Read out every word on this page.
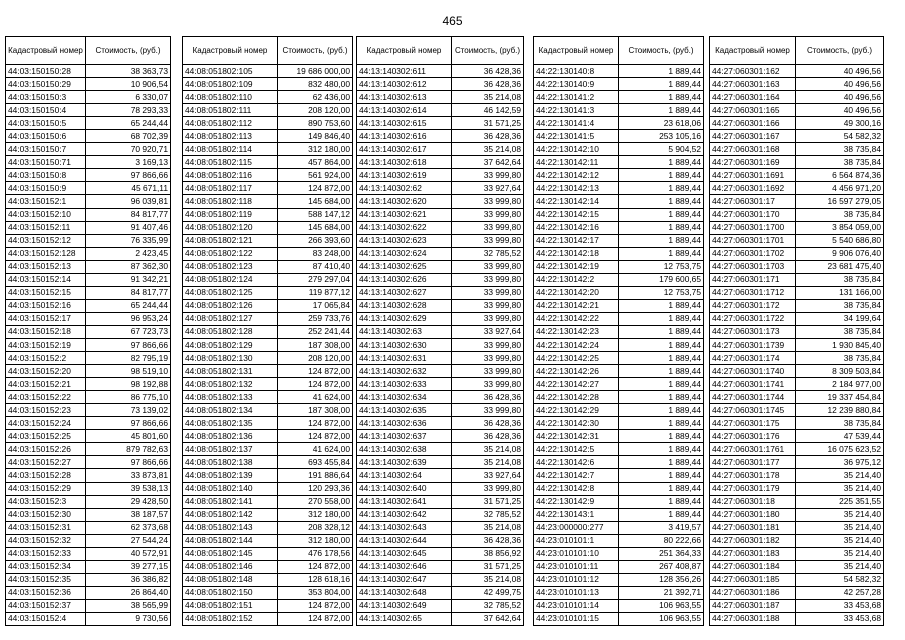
465
Кадастровый номер	Стоимость, (руб.)
44:03:150150:28	38 363,73
44:03:150150:29	10 906,54
44:03:150150:3	6 330,07
44:03:150150:4	78 293,33
44:03:150150:5	65 244,44
44:03:150150:6	68 702,39
44:03:150150:7	70 920,71
44:03:150150:71	3 169,13
44:03:150150:8	97 866,66
44:03:150150:9	45 671,11
44:03:150152:1	96 039,81
44:03:150152:10	84 817,77
44:03:150152:11	91 407,46
44:03:150152:12	76 335,99
44:03:150152:128	2 423,45
44:03:150152:13	87 362,30
44:03:150152:14	91 342,21
44:03:150152:15	84 817,77
44:03:150152:16	65 244,44
44:03:150152:17	96 953,24
44:03:150152:18	67 723,73
44:03:150152:19	97 866,66
44:03:150152:2	82 795,19
44:03:150152:20	98 519,10
44:03:150152:21	98 192,88
44:03:150152:22	86 775,10
44:03:150152:23	73 139,02
44:03:150152:24	97 866,66
44:03:150152:25	45 801,60
44:03:150152:26	879 782,63
44:03:150152:27	97 866,66
44:03:150152:28	33 873,81
44:03:150152:29	39 538,13
44:03:150152:3	29 428,50
44:03:150152:30	38 187,57
44:03:150152:31	62 373,68
44:03:150152:32	27 544,24
44:03:150152:33	40 572,91
44:03:150152:34	39 277,15
44:03:150152:35	36 386,82
44:03:150152:36	26 864,40
44:03:150152:37	38 565,99
44:03:150152:4	9 730,56
Кадастровый номер	Стоимость, (руб.)
44:08:051802:105	19 686 000,00
44:08:051802:109	832 480,00
44:08:051802:110	62 436,00
44:08:051802:111	208 120,00
44:08:051802:112	890 753,60
44:08:051802:113	149 846,40
44:08:051802:114	312 180,00
44:08:051802:115	457 864,00
44:08:051802:116	561 924,00
44:08:051802:117	124 872,00
44:08:051802:118	145 684,00
44:08:051802:119	588 147,12
44:08:051802:120	145 684,00
44:08:051802:121	266 393,60
44:08:051802:122	83 248,00
44:08:051802:123	87 410,40
44:08:051802:124	279 297,04
44:08:051802:125	119 877,12
44:08:051802:126	17 065,84
44:08:051802:127	259 733,76
44:08:051802:128	252 241,44
44:08:051802:129	187 308,00
44:08:051802:130	208 120,00
44:08:051802:131	124 872,00
44:08:051802:132	124 872,00
44:08:051802:133	41 624,00
44:08:051802:134	187 308,00
44:08:051802:135	124 872,00
44:08:051802:136	124 872,00
44:08:051802:137	41 624,00
44:08:051802:138	693 455,84
44:08:051802:139	191 886,64
44:08:051802:140	120 293,36
44:08:051802:141	270 558,00
44:08:051802:142	312 180,00
44:08:051802:143	208 328,12
44:08:051802:144	312 180,00
44:08:051802:145	476 178,56
44:08:051802:146	124 872,00
44:08:051802:148	128 618,16
44:08:051802:150	353 804,00
44:08:051802:151	124 872,00
44:08:051802:152	124 872,00
Кадастровый номер	Стоимость, (руб.)
44:13:140302:611	36 428,36
44:13:140302:612	36 428,36
44:13:140302:613	35 214,08
44:13:140302:614	46 142,59
44:13:140302:615	31 571,25
44:13:140302:616	36 428,36
44:13:140302:617	35 214,08
44:13:140302:618	37 642,64
44:13:140302:619	33 999,80
44:13:140302:62	33 927,64
44:13:140302:620	33 999,80
44:13:140302:621	33 999,80
44:13:140302:622	33 999,80
44:13:140302:623	33 999,80
44:13:140302:624	32 785,52
44:13:140302:625	33 999,80
44:13:140302:626	33 999,80
44:13:140302:627	33 999,80
44:13:140302:628	33 999,80
44:13:140302:629	33 999,80
44:13:140302:63	33 927,64
44:13:140302:630	33 999,80
44:13:140302:631	33 999,80
44:13:140302:632	33 999,80
44:13:140302:633	33 999,80
44:13:140302:634	36 428,36
44:13:140302:635	33 999,80
44:13:140302:636	36 428,36
44:13:140302:637	36 428,36
44:13:140302:638	35 214,08
44:13:140302:639	35 214,08
44:13:140302:64	33 927,64
44:13:140302:640	33 999,80
44:13:140302:641	31 571,25
44:13:140302:642	32 785,52
44:13:140302:643	35 214,08
44:13:140302:644	36 428,36
44:13:140302:645	38 856,92
44:13:140302:646	31 571,25
44:13:140302:647	35 214,08
44:13:140302:648	42 499,75
44:13:140302:649	32 785,52
44:13:140302:65	37 642,64
Кадастровый номер	Стоимость, (руб.)
44:22:130140:8	1 889,44
44:22:130140:9	1 889,44
44:22:130141:2	1 889,44
44:22:130141:3	1 889,44
44:22:130141:4	23 618,06
44:22:130141:5	253 105,16
44:22:130142:10	5 904,52
44:22:130142:11	1 889,44
44:22:130142:12	1 889,44
44:22:130142:13	1 889,44
44:22:130142:14	1 889,44
44:22:130142:15	1 889,44
44:22:130142:16	1 889,44
44:22:130142:17	1 889,44
44:22:130142:18	1 889,44
44:22:130142:19	12 753,75
44:22:130142:2	179 600,65
44:22:130142:20	12 753,75
44:22:130142:21	1 889,44
44:22:130142:22	1 889,44
44:22:130142:23	1 889,44
44:22:130142:24	1 889,44
44:22:130142:25	1 889,44
44:22:130142:26	1 889,44
44:22:130142:27	1 889,44
44:22:130142:28	1 889,44
44:22:130142:29	1 889,44
44:22:130142:30	1 889,44
44:22:130142:31	1 889,44
44:22:130142:5	1 889,44
44:22:130142:6	1 889,44
44:22:130142:7	1 889,44
44:22:130142:8	1 889,44
44:22:130142:9	1 889,44
44:22:130143:1	1 889,44
44:23:000000:277	3 419,57
44:23:010101:1	80 222,66
44:23:010101:10	251 364,33
44:23:010101:11	267 408,87
44:23:010101:12	128 356,26
44:23:010101:13	21 392,71
44:23:010101:14	106 963,55
44:23:010101:15	106 963,55
Кадастровый номер	Стоимость, (руб.)
44:27:060301:162	40 496,56
44:27:060301:163	40 496,56
44:27:060301:164	40 496,56
44:27:060301:165	40 496,56
44:27:060301:166	49 300,16
44:27:060301:167	54 582,32
44:27:060301:168	38 735,84
44:27:060301:169	38 735,84
44:27:060301:1691	6 564 874,36
44:27:060301:1692	4 456 971,20
44:27:060301:17	16 597 279,05
44:27:060301:170	38 735,84
44:27:060301:1700	3 854 059,00
44:27:060301:1701	5 540 686,80
44:27:060301:1702	9 906 076,40
44:27:060301:1703	23 681 475,40
44:27:060301:171	38 735,84
44:27:060301:1712	131 166,00
44:27:060301:172	38 735,84
44:27:060301:1722	34 199,64
44:27:060301:173	38 735,84
44:27:060301:1739	1 930 845,40
44:27:060301:174	38 735,84
44:27:060301:1740	8 309 503,84
44:27:060301:1741	2 184 977,00
44:27:060301:1744	19 337 454,84
44:27:060301:1745	12 239 880,84
44:27:060301:175	38 735,84
44:27:060301:176	47 539,44
44:27:060301:1761	16 075 623,52
44:27:060301:177	36 975,12
44:27:060301:178	35 214,40
44:27:060301:179	35 214,40
44:27:060301:18	225 351,55
44:27:060301:180	35 214,40
44:27:060301:181	35 214,40
44:27:060301:182	35 214,40
44:27:060301:183	35 214,40
44:27:060301:184	35 214,40
44:27:060301:185	54 582,32
44:27:060301:186	42 257,28
44:27:060301:187	33 453,68
44:27:060301:188	33 453,68
